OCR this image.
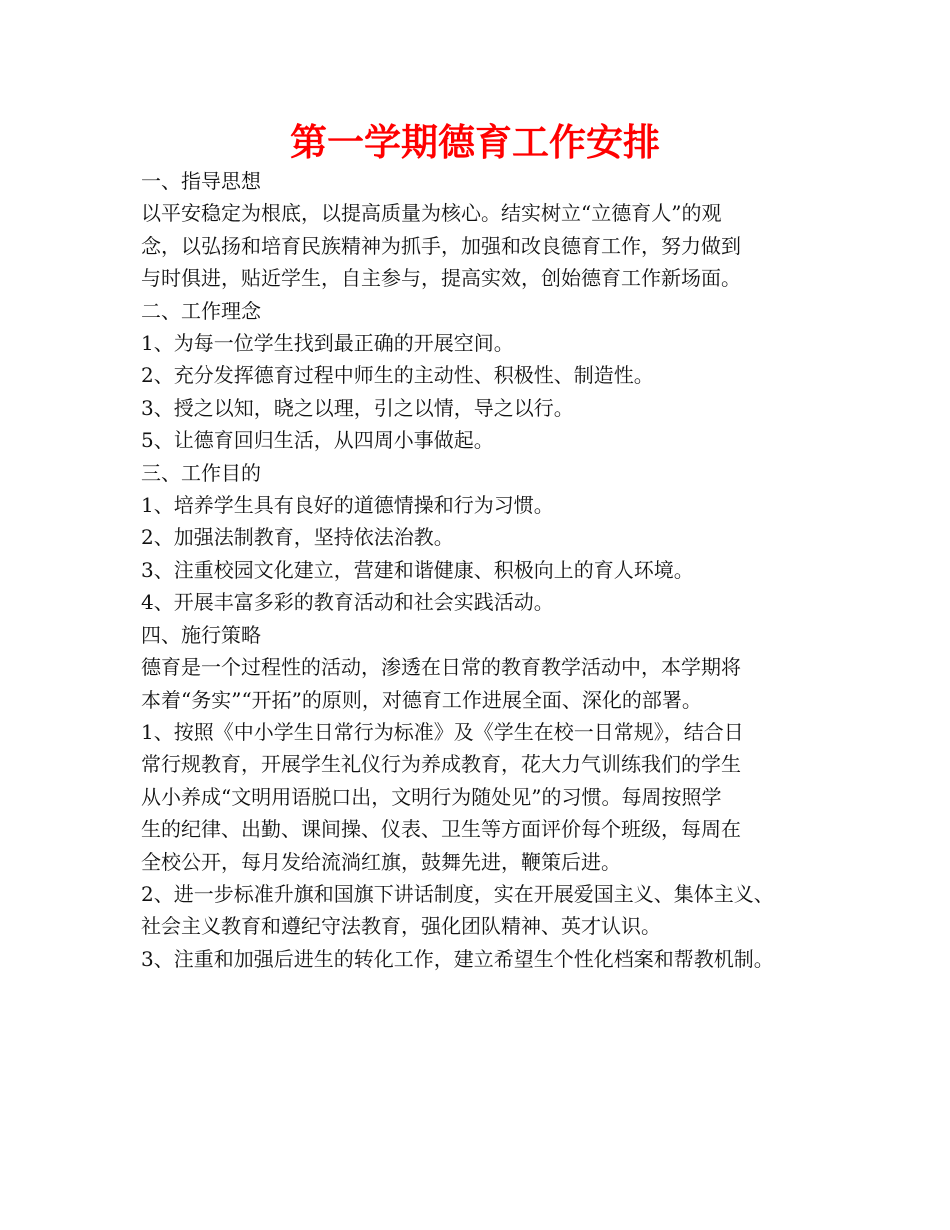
第一学期德育工作安排

一、指导思想

以平安稳定为根底，以提高质量为核心。结实树立“立德育人”的观

念，以弘扬和培育民族精神为抓手，加强和改良德育工作，努力做到

与时俱进，贴近学生，自主参与，提高实效，创始德育工作新场面。

二、工作理念

1、为每一位学生找到最正确的开展空间。

2、充分发挥德育过程中师生的主动性、积极性、制造性。

3、授之以知，晓之以理，引之以情，导之以行。

5、让德育回归生活，从四周小事做起。

三、工作目的

1、培养学生具有良好的道德情操和行为习惯。

2、加强法制教育，坚持依法治教。

3、注重校园文化建立，营建和谐健康、积极向上的育人环境。

4、开展丰富多彩的教育活动和社会实践活动。

四、施行策略

德育是一个过程性的活动，渗透在日常的教育教学活动中，本学期将

本着“务实”“开拓”的原则，对德育工作进展全面、深化的部署。

1、按照《中小学生日常行为标准》及《学生在校一日常规》，结合日

常行规教育，开展学生礼仪行为养成教育，花大力气训练我们的学生

从小养成“文明用语脱口出，文明行为随处见”的习惯。每周按照学

生的纪律、出勤、课间操、仪表、卫生等方面评价每个班级，每周在

全校公开，每月发给流淌红旗，鼓舞先进，鞭策后进。

2、进一步标准升旗和国旗下讲话制度，实在开展爱国主义、集体主义、

社会主义教育和遵纪守法教育，强化团队精神、英才认识。

3、注重和加强后进生的转化工作，建立希望生个性化档案和帮教机制。
